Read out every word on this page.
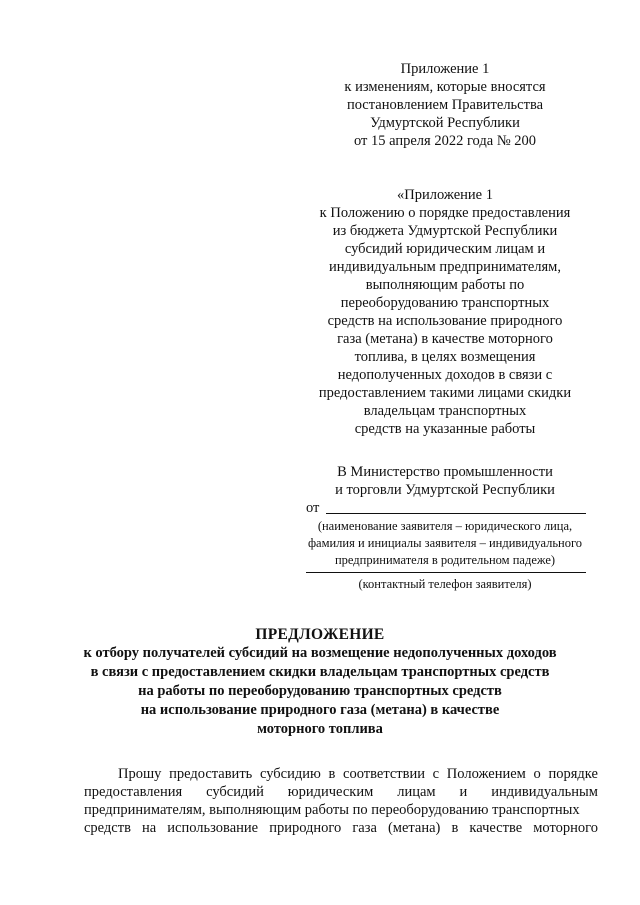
Приложение 1
к изменениям, которые вносятся
постановлением Правительства
Удмуртской Республики
от 15 апреля 2022 года № 200
«Приложение 1
к Положению о порядке предоставления
из бюджета Удмуртской Республики
субсидий юридическим лицам и
индивидуальным предпринимателям,
выполняющим работы по
переоборудованию транспортных
средств на использование природного
газа (метана) в качестве моторного
топлива, в целях возмещения
недополученных доходов в связи с
предоставлением такими лицами скидки
владельцам транспортных
средств на указанные работы
В Министерство промышленности
и торговли Удмуртской Республики
от
(наименование заявителя – юридического лица,
фамилия и инициалы заявителя – индивидуального
предпринимателя в родительном падеже)
(контактный телефон заявителя)
ПРЕДЛОЖЕНИЕ
к отбору получателей субсидий на возмещение недополученных доходов
в связи с предоставлением скидки владельцам транспортных средств
на работы по переоборудованию транспортных средств
на использование природного газа (метана) в качестве
моторного топлива
Прошу предоставить субсидию в соответствии с Положением о порядке
предоставления субсидий юридическим лицам и индивидуальным
предпринимателям, выполняющим работы по переоборудованию транспортных
средств на использование природного газа (метана) в качестве моторного
